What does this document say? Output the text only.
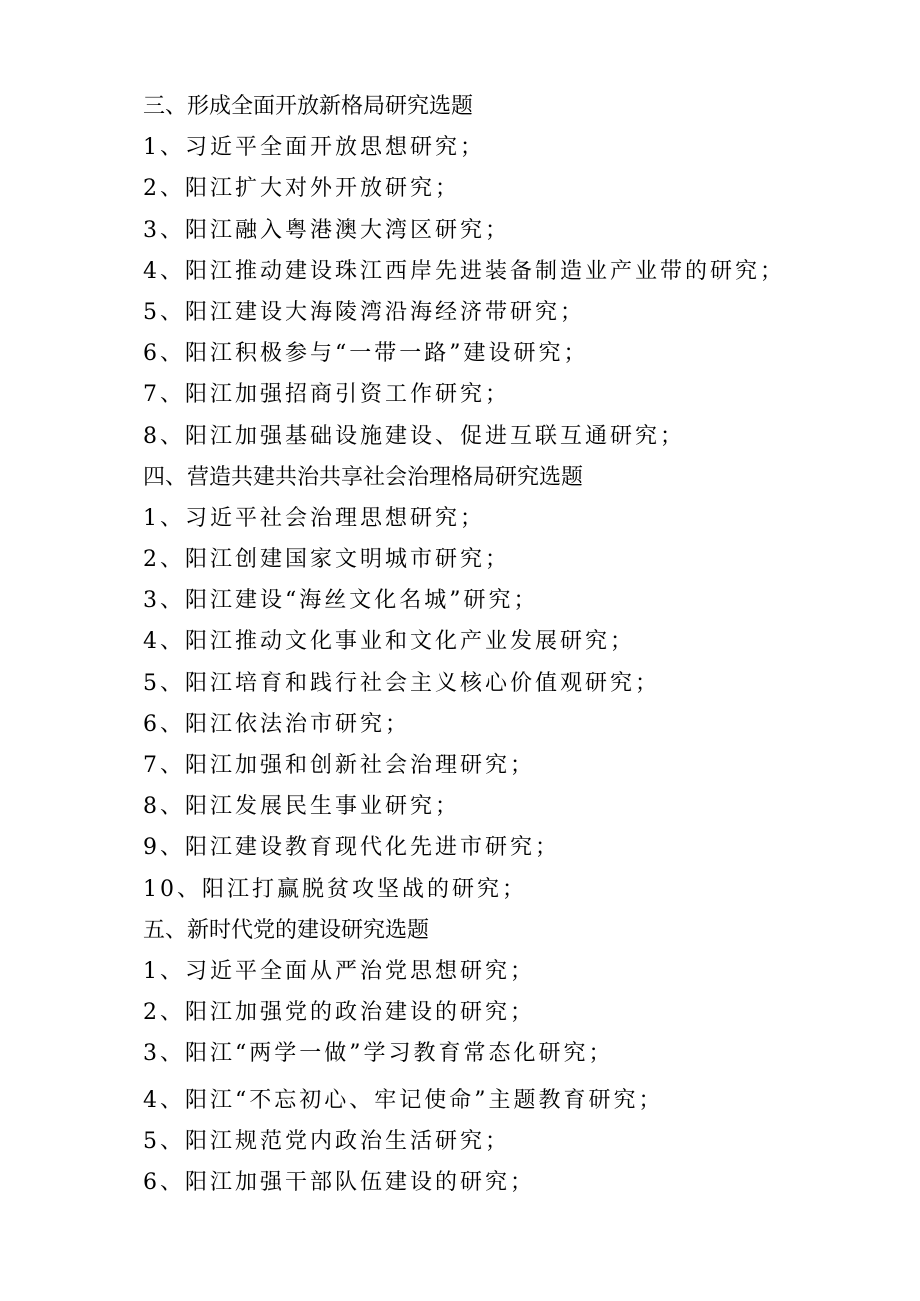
三、形成全面开放新格局研究选题
1、习近平全面开放思想研究；
2、阳江扩大对外开放研究；
3、阳江融入粤港澳大湾区研究；
4、阳江推动建设珠江西岸先进装备制造业产业带的研究；
5、阳江建设大海陵湾沿海经济带研究；
6、阳江积极参与“一带一路”建设研究；
7、阳江加强招商引资工作研究；
8、阳江加强基础设施建设、促进互联互通研究；
四、营造共建共治共享社会治理格局研究选题
1、习近平社会治理思想研究；
2、阳江创建国家文明城市研究；
3、阳江建设“海丝文化名城”研究；
4、阳江推动文化事业和文化产业发展研究；
5、阳江培育和践行社会主义核心价值观研究；
6、阳江依法治市研究；
7、阳江加强和创新社会治理研究；
8、阳江发展民生事业研究；
9、阳江建设教育现代化先进市研究；
10、阳江打赢脱贫攻坚战的研究；
五、新时代党的建设研究选题
1、习近平全面从严治党思想研究；
2、阳江加强党的政治建设的研究；
3、阳江“两学一做”学习教育常态化研究；
4、阳江“不忘初心、牢记使命”主题教育研究；
5、阳江规范党内政治生活研究；
6、阳江加强干部队伍建设的研究；
